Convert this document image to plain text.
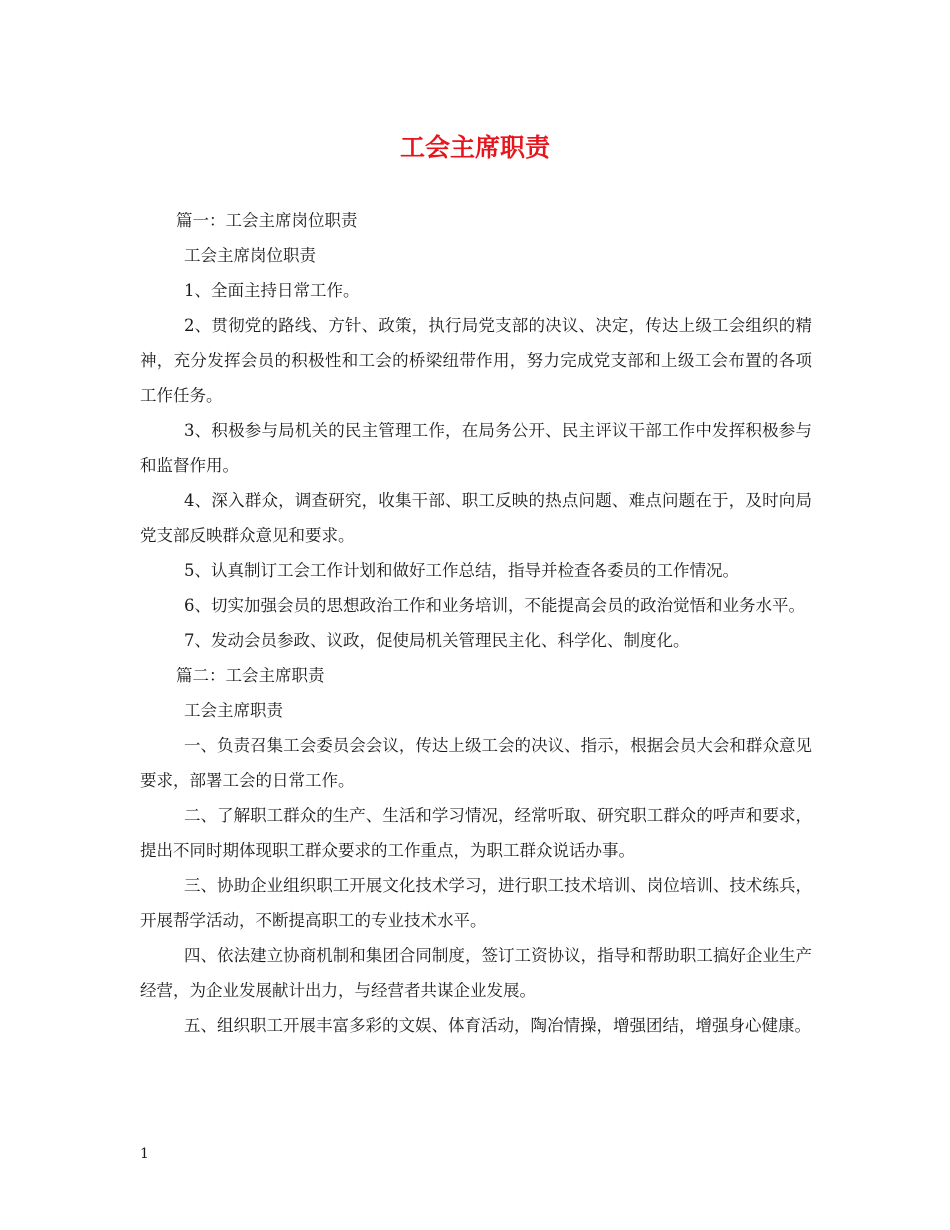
工会主席职责

篇一：工会主席岗位职责

工会主席岗位职责

1、全面主持日常工作。

2、贯彻党的路线、方针、政策，执行局党支部的决议、决定，传达上级工会组织的精神，充分发挥会员的积极性和工会的桥梁纽带作用，努力完成党支部和上级工会布置的各项工作任务。

3、积极参与局机关的民主管理工作，在局务公开、民主评议干部工作中发挥积极参与和监督作用。

4、深入群众，调查研究，收集干部、职工反映的热点问题、难点问题在于，及时向局党支部反映群众意见和要求。

5、认真制订工会工作计划和做好工作总结，指导并检查各委员的工作情况。

6、切实加强会员的思想政治工作和业务培训，不能提高会员的政治觉悟和业务水平。

7、发动会员参政、议政，促使局机关管理民主化、科学化、制度化。

篇二：工会主席职责

工会主席职责

一、负责召集工会委员会会议，传达上级工会的决议、指示，根据会员大会和群众意见要求，部署工会的日常工作。

二、了解职工群众的生产、生活和学习情况，经常听取、研究职工群众的呼声和要求，提出不同时期体现职工群众要求的工作重点，为职工群众说话办事。

三、协助企业组织职工开展文化技术学习，进行职工技术培训、岗位培训、技术练兵，开展帮学活动，不断提高职工的专业技术水平。

四、依法建立协商机制和集团合同制度，签订工资协议，指导和帮助职工搞好企业生产经营，为企业发展献计出力，与经营者共谋企业发展。

五、组织职工开展丰富多彩的文娱、体育活动，陶冶情操，增强团结，增强身心健康。

1
